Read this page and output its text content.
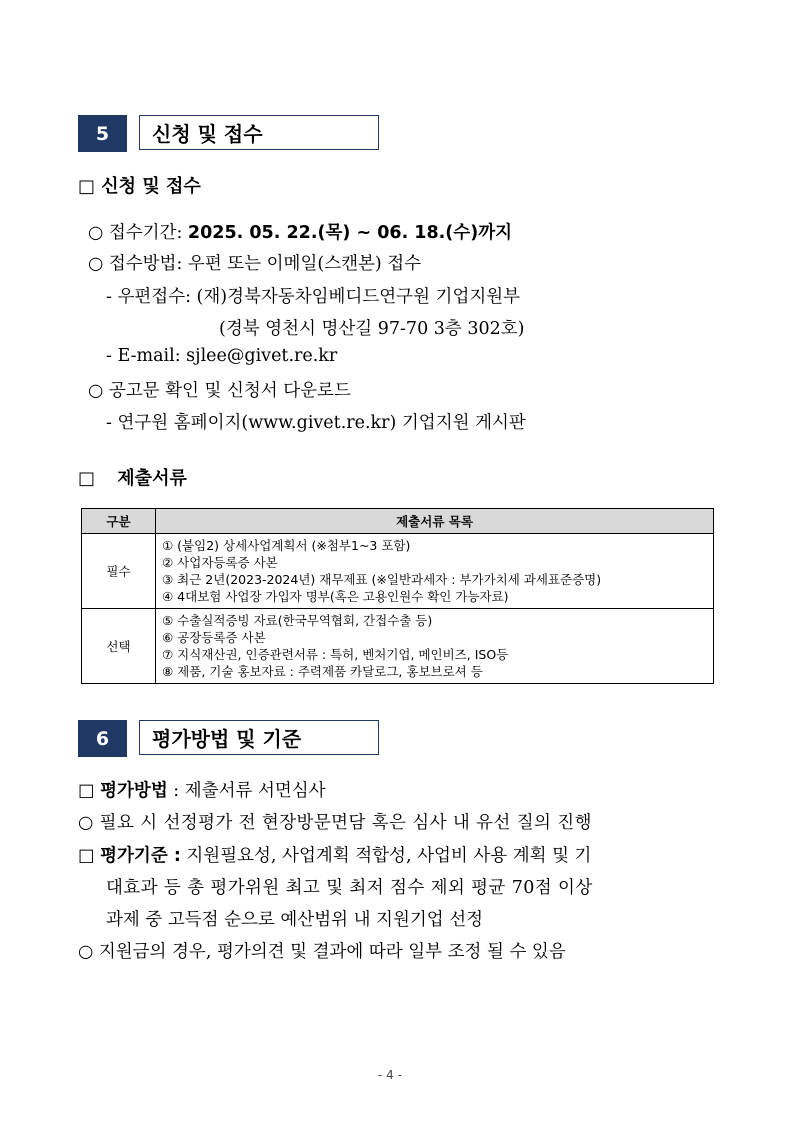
5	신청 및 접수
□ 신청 및 접수
○ 접수기간: 2025. 05. 22.(목) ~ 06. 18.(수)까지
○ 접수방법: 우편 또는 이메일(스캔본) 접수
- 우편접수: (재)경북자동차임베디드연구원 기업지원부
(경북 영천시 명산길 97-70 3층 302호)
- E-mail: sjlee@givet.re.kr
○ 공고문 확인 및 신청서 다운로드
- 연구원 홈페이지(www.givet.re.kr) 기업지원 게시판
□ 제출서류
구분	제출서류 목록
필수	① (붙임2) 상세사업계획서 (※첨부1~3 포함)
② 사업자등록증 사본
③ 최근 2년(2023-2024년) 재무제표 (※일반과세자 : 부가가치세 과세표준증명)
④ 4대보험 사업장 가입자 명부(혹은 고용인원수 확인 가능자료)

선택	⑤ 수출실적증빙 자료(한국무역협회, 간접수출 등)
⑥ 공장등록증 사본
⑦ 지식재산권, 인증관련서류 : 특허, 벤처기업, 메인비즈, ISO등
⑧ 제품, 기술 홍보자료 : 주력제품 카달로그, 홍보브로셔 등
6	평가방법 및 기준
□ 평가방법 : 제출서류 서면심사
○ 필요 시 선정평가 전 현장방문면담 혹은 심사 내 유선 질의 진행
□ 평가기준 : 지원필요성, 사업계획 적합성, 사업비 사용 계획 및 기
대효과 등 총 평가위원 최고 및 최저 점수 제외 평균 70점 이상
과제 중 고득점 순으로 예산범위 내 지원기업 선정
○ 지원금의 경우, 평가의견 및 결과에 따라 일부 조정 될 수 있음
- 4 -
